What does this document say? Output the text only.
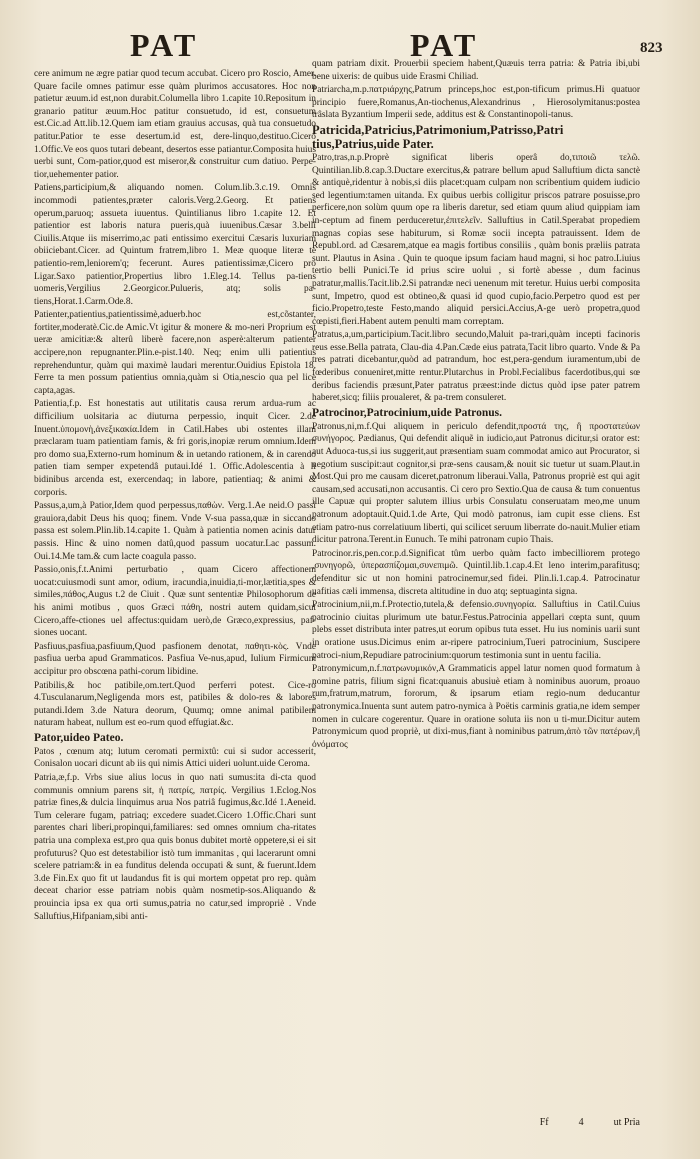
PAT	PAT	823

cere animum ne ægre patiar quod tecum accubat. Cicero pro Roscio, Amer. Quare facile omnes patimur esse quàm plurimos accusatores. Hoc non patietur æuum.id est,non durabit.Columella libro 1.capite 10.Repositum in granario patitur æuum.Hoc patitur consuetudo, id est, consuetum est.Cic.ad Att.lib.12.Quem iam etiam grauius accusas, quà tua consuetudo patitur.Patior te esse desertum.id est, dere-linquo,destituo.Cicero 1.Offic.Ve eos quos tutari debeant, desertos esse patiantur.Composita huius uerbi sunt, Com-patior,quod est miseror,& construitur cum datiuo. Perpe-tior,uehementer patior.

Patiens,participium,& aliquando nomen. Colum.lib.3.c.19. Omnis incommodi patientes,præter caloris.Verg.2.Georg. Et patiens operum,paruoq; assueta iuuentus. Quintilianus libro 1.capite 12. Et patientior est laboris natura pueris,quà iuuenibus.Cæsar 3.belli Ciuilis.Atque iis miserrimo,ac pati entissimo exercitui Cæsaris luxuriam obiiciebant.Cicer. ad Quintum fratrem,libro 1. Meæ quoque literæ te patientio-rem,leniorem'q; fecerunt. Aures patientissimæ,Cicero pro Ligar.Saxo patientior,Propertius libro 1.Eleg.14. Tellus pa-tiens uomeris,Vergilius 2.Georgicor.Pulueris, atq; solis pa-tiens,Horat.1.Carm.Ode.8.

Patienter,patientius,patientissimè,aduerb.hoc est,cõstanter, fortiter,moderatè.Cic.de Amic.Vt igitur & monere & mo-neri Proprium est ueræ amicitiæ:& alterû liberè facere,non asperè:alterum patienter accipere,non repugnanter.Plin.e-pist.140. Neq; enim ulli patientius reprehenduntur, quàm qui maximè laudari merentur.Ouidius Epistola 18. Ferre ta men possum patientius omnia,quàm si Otia,nescio qua pel lice capta,agas.

Patientia,f.p. Est honestatis aut utilitatis causa rerum ardua-rum ac difficilium uolsitaria ac diuturna perpessio, inquit Cicer. 2.de Inuent.ὑπομονὴ,ἀνεξικακία.Idem in Catil.Habes ubi ostentes illam præclaram tuam patientiam famis, & fri goris,inopiæ rerum omnium.Idem pro domo sua,Externo-rum hominum & in uetando rationem, & in carendo patien tiam semper expetendâ putaui.Idé 1. Offic.Adolescentia à li bidinibus arcenda est, exercendaq; in labore, patientiaq; & animi & corporis.

Passus,a,um,à Patior,Idem quod perpessus,παθὼν. Verg.1.Ae neid.O passi grauiora,dabit Deus his quoq; finem. Vnde V-sua passa,quæ in siccando passa est solem.Plin.lib.14.capite 1. Quàm à patientia nomen acinis datur passis. Hinc & uino nomen datû,quod passum uocatur.Lac passum. Oui.14.Me tam.& cum lacte coagula passo.

Passio,onis,f.t.Animi perturbatio , quam Cicero affectionem uocat:cuiusmodi sunt amor, odium, iracundia,inuidia,ti-mor,lætitia,spes & similes,πάθος,Augus t.2 de Ciuit . Quæ sunt sententiæ Philosophorum de his animi motibus , quos Græci πάθη, nostri autem quidam,sicut Cicero,affe-ctiones uel affectus:quidam uerò,de Græco,expressius, paf-siones uocant.

Pasfiuus,pasfiua,pasfiuum,Quod pasfionem denotat, παθητι-κὸς. Vnde pasfiua uerba apud Grammaticos. Pasfiua Ve-nus,apud, Iulium Firmicum accipitur pro obscœna pathi-corum libidine.

Patibilis,& hoc patibile,om.tert.Quod perferri potest. Cice-ro 4.Tusculanarum,Negligenda mors est, patibiles & dolo-res & labores putandi.Idem 3.de Natura deorum, Quumq; omne animal patibilem naturam habeat, nullum est eo-rum quod effugiat.&c.

Pator,uideo Pateo.

Patos , cœnum atq; lutum ceromati permixtû: cui si sudor accesserit, Conisalon uocari dicunt ab iis qui nimis Attici uideri uolunt.uide Ceroma.

Patria,æ,f.p. Vrbs siue alius locus in quo nati sumus:ita di-cta quod communis omnium parens sit, ἡ πατρίς, πατρίς. Vergilius 1.Eclog.Nos patriæ fines,& dulcia linquimus arua Nos patriâ fugimus,&c.Idé 1.Aeneid. Tum celerare fugam, patriaq; excedere suadet.Cicero 1.Offic.Chari sunt parentes chari liberi,propinqui,familiares: sed omnes omnium cha-ritates patria una complexa est,pro qua quis bonus dubitet mortè oppetere,si ei sit profuturus? Quo est detestabilior istò tum immanitas , qui lacerarunt omni scelere patriam:& in ea funditus delenda occupati & sunt, & fuerunt.Idem 3.de Fin.Ex quo fit ut laudandus fit is qui mortem oppetat pro rep. quàm deceat charior esse patriam nobis quàm nosmetip-sos.Aliquando & prouincia ipsa ex qua orti sumus,patria no catur,sed impropriè . Vnde Salluftius,Hifpaniam,sibi anti-

quam patriam dixit. Prouerbii speciem habent,Quæuis terra patria: & Patria ibi,ubi bene uixeris: de quibus uide Erasmi Chiliad.

Patriarcha,m.p.πατριάρχης,Patrum princeps,hoc est,pon-tificum primus.Hi quatuor principio fuere,Romanus,An-tiochenus,Alexandrinus , Hierosolymitanus:postea trâslata Byzantium Imperii sede, additus est & Constantinopoli-tanus.

Patricida,Patricius,Patrimonium,Patrisso,Patri tius,Patrius,uide Pater.

Patro,tras,n.p.Proprè significat liberis operâ do,τιποιῶ τελῶ. Quintilian.lib.8.cap.3.Ductare exercitus,& patrare bellum apud Salluftium dicta sanctè & antiquè,ridentur à nobis,si diis placet:quam culpam non scribentium quidem iudicio sed legentium:tamen uitanda. Ex quibus uerbis colligitur priscos patrare posuisse,pro perficere,non solùm quum ope ra liberis daretur, sed etiam quum aliud quippiam iam in-ceptum ad finem perduceretur,ἐπιτελεῖν. Salluftius in Catil.Sperabat propediem magnas copias sese habiturum, si Romæ socii incepta patrauissent. Idem de Republ.ord. ad Cæsarem,atque ea magis fortibus consiliis , quàm bonis præliis patrata sunt. Plautus in Asina . Quin te quoque ipsum faciam haud magni, si hoc patro.Liuius tertio belli Punici.Te id prius scire uolui , si fortè abesse , dum facinus patratur,mallis.Tacit.lib.2.Si patrandæ neci uenenum mit teretur. Huius uerbi composita sunt, Impetro, quod est obtineo,& quasi id quod cupio,facio.Perpetro quod est per ficio.Propetro,teste Festo,mando aliquid persici.Accius,A-ge uerò propetra,quod cœpisti,fieri.Habent autem penulti mam correptam.

Patratus,a,um,participium.Tacit.libro secundo,Maluit pa-trari,quàm incepti facinoris reus esse.Bella patrata, Clau-dia 4.Pan.Cæde eius patrata,Tacit libro quarto. Vnde & Pa tres patrati dicebantur,quòd ad patrandum, hoc est,pera-gendum iuramentum,ubi de fœderibus conueniret,mitte rentur.Plutarchus in Probl.Fecialibus facerdotibus,qui sœ deribus faciendis præsunt,Pater patratus præest:inde dictus quòd ipse pater patrem haberet,sicq; filiis proualeret, & pa-trem consuleret.

Patrocinor,Patrocinium,uide Patronus.

Patronus,ni,m.f.Qui aliquem in periculo defendit,προστά της, ἢ προστατεύων συνήγορος. Pædianus, Qui defendit aliquẽ in iudicio,aut Patronus dicitur,si orator est: aut Aduoca-tus,si ius suggerit,aut præsentiam suam commodat amico aut Procurator, si negotium suscipit:aut cognitor,si præ-sens causam,& nouit sic tuetur ut suam.Plaut.in Most.Qui pro me causam diceret,patronum liberaui.Valla, Patronus propriè est qui agit causam,sed accusati,non accusantis. Ci cero pro Sextio.Qua de causa & tum conuentus ille Capuæ qui propter salutem illius urbis Consulatu conseruatam meo,me unum patronum adoptauit.Quid.1.de Arte, Qui modò patronus, iam cupit esse cliens. Est etiam patro-nus correlatiuum liberti, qui scilicet seruum liberrate do-nauit.Mulier etiam dicitur patrona.Terent.in Eunuch. Te mihi patronam cupio Thais.

Patrocinor.ris,pen.cor.p.d.Significat tûm uerbo quàm facto imbecilliorem protego ,συνηγορῶ, ὑπερασπίζομαι,συνεπιμῶ. Quintil.lib.1.cap.4.Et leno interim,parafitusq; defenditur sic ut non homini patrocinemur,sed fidei. Plin.li.1.cap.4. Patrocinatur uafitias cæli immensa, discreta altitudine in duo atq; septuaginta signa.

Patrocinium,nii,m.f.Protectio,tutela,& defensio.συνηγορία. Salluftius in Catil.Cuius patrocinio ciuitas plurimum ute batur.Festus.Patrocinia appellari cœpta sunt, quum plebs esset distributa inter patres,ut eorum opibus tuta esset. Hu ius nominis uarii sunt in oratione usus.Dicimus enim ar-ripere patrocinium,Tueri patrocinium, Suscipere patroci-nium,Repudiare patrocinium:quorum testimonia sunt in uentu facilia.

Patronymicum,n.f.πατρωνυμικόν,A Grammaticis appel latur nomen quod formatum à nomine patris, filium signi ficat:quanuis abusiuè etiam à nominibus auorum, proauo rum,fratrum,matrum, fororum, & ipsarum etiam regio-num deducantur patronymica.Inuenta sunt autem patro-nymica à Poëtis carminis gratia,ne idem semper nomen in culcare cogerentur. Quare in oratione soluta iis non u ti-mur.Dicitur autem Patronymicum quod propriè, ut dixi-mus,fiant à nominibus patrum,ἀπὸ τῶν πατέρων,ἢ ὀνόματος

Ff	4	ut Pria
